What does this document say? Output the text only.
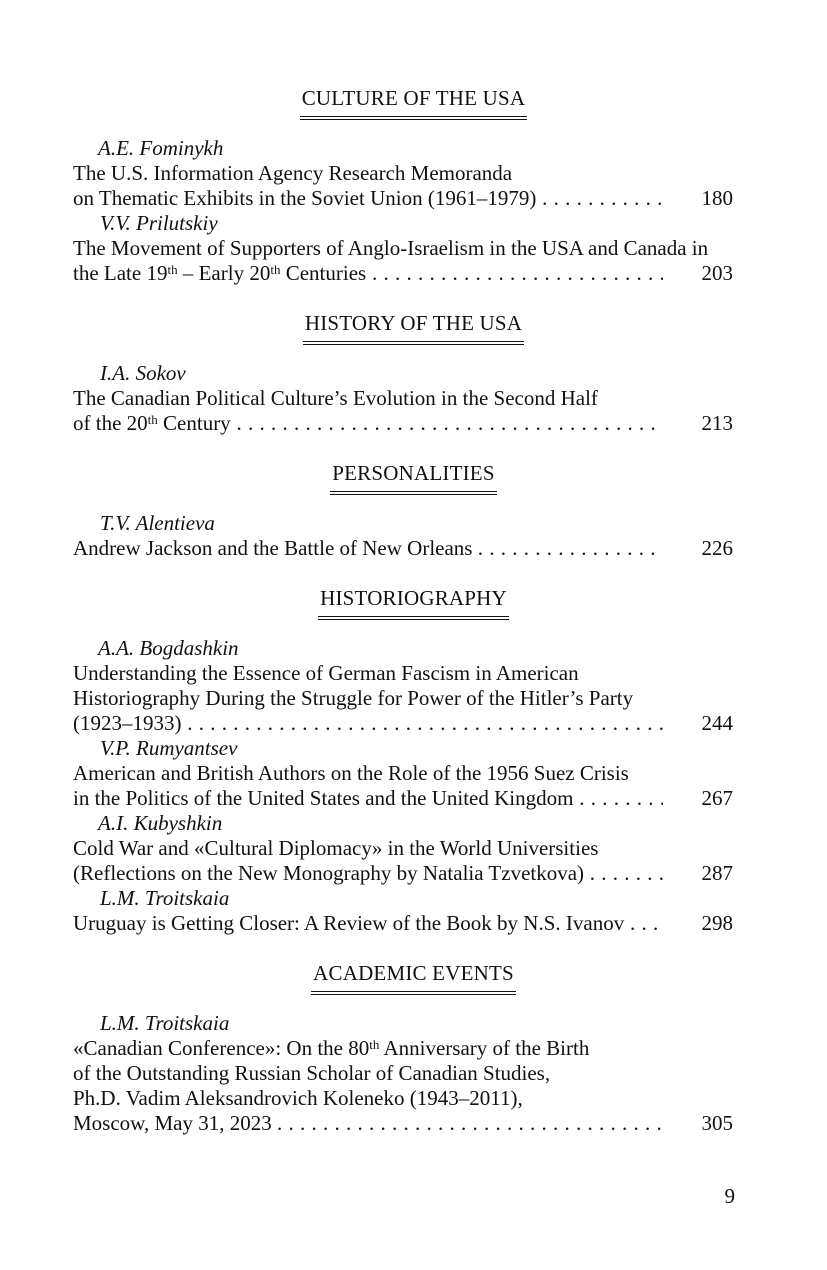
CULTURE OF THE USA
A.E. Fominykh
The U.S. Information Agency Research Memoranda
on Thematic Exhibits in the Soviet Union (1961–1979) . . .	180
V.V. Prilutskiy
The Movement of Supporters of Anglo-Israelism in the USA and Canada in
the Late 19th – Early 20th Centuries . . .	203
HISTORY OF THE USA
I.A. Sokov
The Canadian Political Culture’s Evolution in the Second Half
of the 20th Century . . .	213
PERSONALITIES
T.V. Alentieva
Andrew Jackson and the Battle of New Orleans . . .	226
HISTORIOGRAPHY
A.A. Bogdashkin
Understanding the Essence of German Fascism in American
Historiography During the Struggle for Power of the Hitler’s Party
(1923–1933) . . .	244
V.P. Rumyantsev
American and British Authors on the Role of the 1956 Suez Crisis
in the Politics of the United States and the United Kingdom . . .	267
A.I. Kubyshkin
Cold War and «Cultural Diplomacy» in the World Universities
(Reflections on the New Monography by Natalia Tzvetkova) . . .	287
L.M. Troitskaia
Uruguay is Getting Closer: A Review of the Book by N.S. Ivanov . . .	298
ACADEMIC EVENTS
L.M. Troitskaia
«Canadian Conference»: On the 80th Anniversary of the Birth
of the Outstanding Russian Scholar of Canadian Studies,
Ph.D. Vadim Aleksandrovich Koleneko (1943–2011),
Moscow, May 31, 2023 . . .	305
9
